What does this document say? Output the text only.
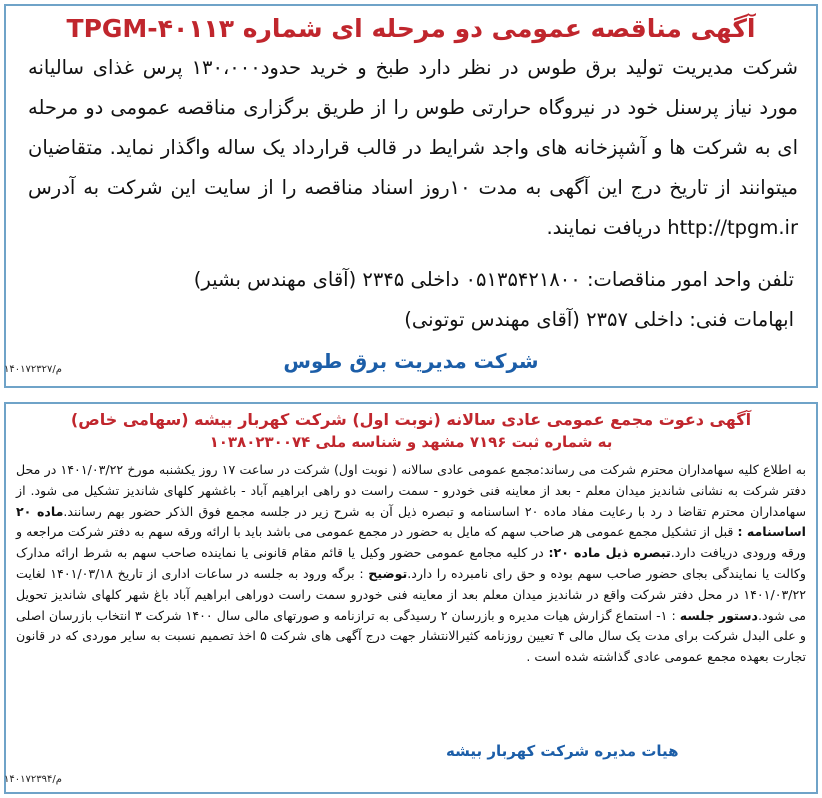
آگهی مناقصه عمومی دو مرحله ای شماره ۴۰۱۱۳-TPGM

شرکت مدیریت تولید برق طوس در نظر دارد طبخ و خرید حدود۱۳۰،۰۰۰ پرس غذای سالیانه مورد نیاز پرسنل خود در نیروگاه حرارتی طوس را از طریق برگزاری مناقصه عمومی دو مرحله ای به شرکت ها و آشپزخانه های واجد شرایط در قالب قرارداد یک ساله واگذار نماید. متقاضیان میتوانند از تاریخ درج این آگهی به مدت ۱۰روز اسناد مناقصه را از سایت این شرکت به آدرس http://tpgm.ir دریافت نمایند.

تلفن واحد امور مناقصات: ۰۵۱۳۵۴۲۱۸۰۰ داخلی ۲۳۴۵ (آقای مهندس بشیر)
ابهامات فنی: داخلی ۲۳۵۷ (آقای مهندس توتونی)
شرکت مدیریت برق طوس
۱۴۰۱۷۲۳۲۷/م
آگهی دعوت مجمع عمومی عادی سالانه (نوبت اول) شرکت کهربار بیشه (سهامی خاص)
به شماره ثبت ۷۱۹۶ مشهد و شناسه ملی ۱۰۳۸۰۲۳۰۰۷۴
به اطلاع کلیه سهامداران محترم شرکت می رساند:مجمع عمومی عادی سالانه ( نوبت اول) شرکت در ساعت ۱۷ روز یکشنبه مورخ ۱۴۰۱/۰۳/۲۲ در محل دفتر شرکت به نشانی شاندیز میدان معلم - بعد از معاینه فنی خودرو - سمت راست دو راهی ابراهیم آباد - باغشهر کلهای شاندیز تشکیل می شود. از سهامداران محترم تقاضا د رد با رعایت مفاد ماده ۲۰ اساسنامه و تبصره ذیل آن به شرح زیر در جلسه مجمع فوق الذکر حضور بهم رسانند.ماده ۲۰ اساسنامه : قبل از تشکیل مجمع عمومی هر صاحب سهم که مایل به حضور در مجمع عمومی می باشد باید با ارائه ورقه سهم به دفتر شرکت مراجعه و ورقه ورودی دریافت دارد.تبصره ذیل ماده ۲۰: در کلیه مجامع عمومی حضور وکیل یا قائم مقام قانونی یا نماینده صاحب سهم به شرط ارائه مدارک وکالت یا نمایندگی بجای حضور صاحب سهم بوده و حق رای نامبرده را دارد.توضیح : برگه ورود به جلسه در ساعات اداری از تاریخ ۱۴۰۱/۰۳/۱۸ لغایت ۱۴۰۱/۰۳/۲۲ در محل دفتر شرکت واقع در شاندیز میدان معلم بعد از معاینه فنی خودرو سمت راست دوراهی ابراهیم آباد باغ شهر کلهای شاندیز تحویل می شود.دستور جلسه : ۱- استماع گزارش هیات مدیره و بازرسان ۲ رسیدگی به ترازنامه و صورتهای مالی سال ۱۴۰۰ شرکت ۳ انتخاب بازرسان اصلی و علی البدل شرکت برای مدت یک سال مالی ۴ تعیین روزنامه کثیرالانتشار جهت درج آگهی های شرکت ۵ اخذ تصمیم نسبت به سایر موردی که در قانون تجارت بعهده مجمع عمومی عادی گذاشته شده است .
هیات مدیره شرکت کهربار بیشه
۱۴۰۱۷۲۳۹۴/م
